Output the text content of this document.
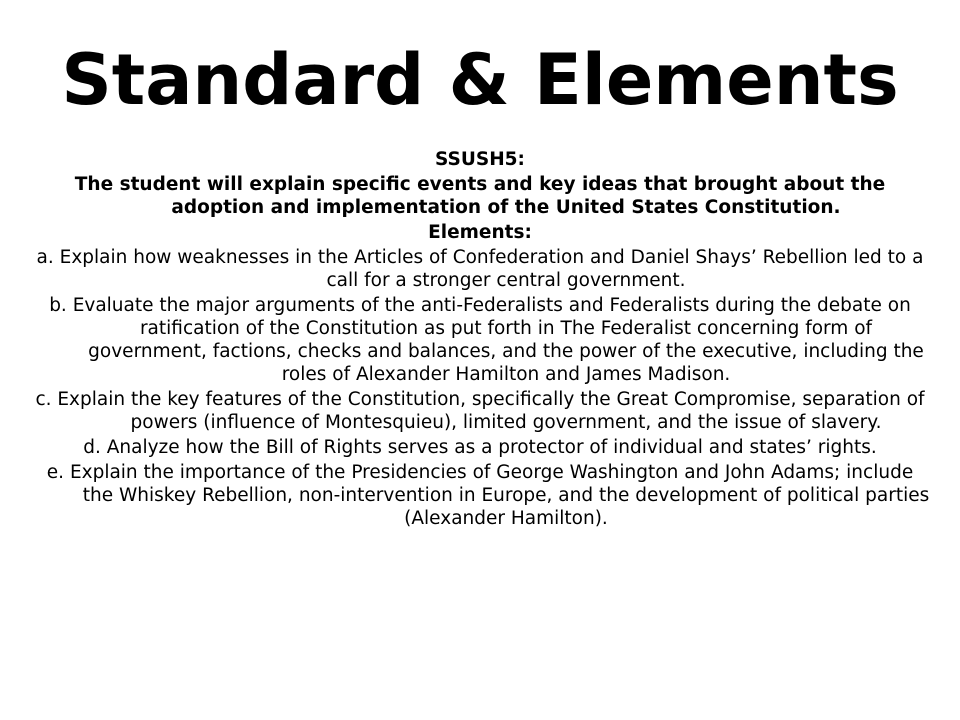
Standard & Elements

SSUSH5:

The student will explain specific events and key ideas that brought about the adoption and implementation of the United States Constitution.

Elements:

a. Explain how weaknesses in the Articles of Confederation and Daniel Shays’ Rebellion led to a call for a stronger central government.

b. Evaluate the major arguments of the anti-Federalists and Federalists during the debate on ratification of the Constitution as put forth in The Federalist concerning form of government, factions, checks and balances, and the power of the executive, including the roles of Alexander Hamilton and James Madison.

c. Explain the key features of the Constitution, specifically the Great Compromise, separation of powers (influence of Montesquieu), limited government, and the issue of slavery.

d. Analyze how the Bill of Rights serves as a protector of individual and states’ rights.

e. Explain the importance of the Presidencies of George Washington and John Adams; include the Whiskey Rebellion, non-intervention in Europe, and the development of political parties (Alexander Hamilton).
